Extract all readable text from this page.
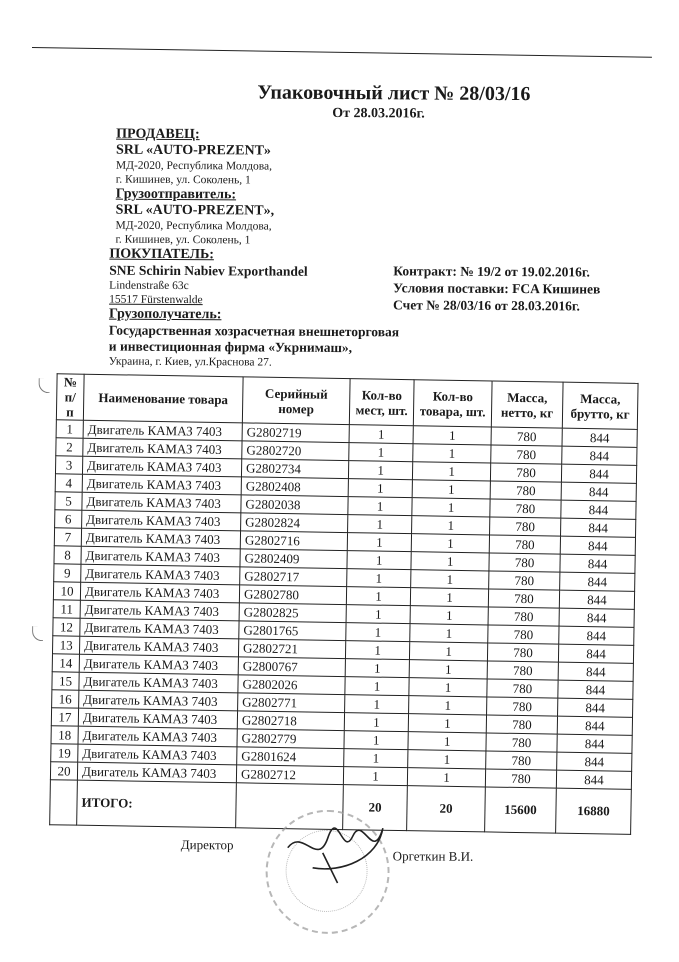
Упаковочный лист № 28/03/16
От 28.03.2016г.
ПРОДАВЕЦ:
SRL «AUTO-PREZENT»
МД-2020, Республика Молдова,
г. Кишинев, ул. Соколень, 1
Грузоотправитель:
SRL «AUTO-PREZENT»,
МД-2020, Республика Молдова,
г. Кишинев, ул. Соколень, 1
ПОКУПАТЕЛЬ:
SNE Schirin Nabiev Exporthandel
Lindenstraße 63c
15517 Fürstenwalde
Грузополучатель:
Государственная хозрасчетная внешнеторговая
и инвестиционная фирма «Укрнимаш»,
Украина, г. Киев, ул.Краснова 27.
Контракт: № 19/2 от 19.02.2016г.
Условия поставки: FCA Кишинев
Счет № 28/03/16 от 28.03.2016г.
№ п/п	Наименование товара	Серийный номер	Кол-во мест, шт.	Кол-во товара, шт.	Масса, нетто, кг	Масса, брутто, кг
1	Двигатель КАМАЗ 7403	G2802719	1	1	780	844
2	Двигатель КАМАЗ 7403	G2802720	1	1	780	844
3	Двигатель КАМАЗ 7403	G2802734	1	1	780	844
4	Двигатель КАМАЗ 7403	G2802408	1	1	780	844
5	Двигатель КАМАЗ 7403	G2802038	1	1	780	844
6	Двигатель КАМАЗ 7403	G2802824	1	1	780	844
7	Двигатель КАМАЗ 7403	G2802716	1	1	780	844
8	Двигатель КАМАЗ 7403	G2802409	1	1	780	844
9	Двигатель КАМАЗ 7403	G2802717	1	1	780	844
10	Двигатель КАМАЗ 7403	G2802780	1	1	780	844
11	Двигатель КАМАЗ 7403	G2802825	1	1	780	844
12	Двигатель КАМАЗ 7403	G2801765	1	1	780	844
13	Двигатель КАМАЗ 7403	G2802721	1	1	780	844
14	Двигатель КАМАЗ 7403	G2800767	1	1	780	844
15	Двигатель КАМАЗ 7403	G2802026	1	1	780	844
16	Двигатель КАМАЗ 7403	G2802771	1	1	780	844
17	Двигатель КАМАЗ 7403	G2802718	1	1	780	844
18	Двигатель КАМАЗ 7403	G2802779	1	1	780	844
19	Двигатель КАМАЗ 7403	G2801624	1	1	780	844
20	Двигатель КАМАЗ 7403	G2802712	1	1	780	844
	ИТОГО:		20	20	15600	16880
Директор
Оргеткин В.И.
